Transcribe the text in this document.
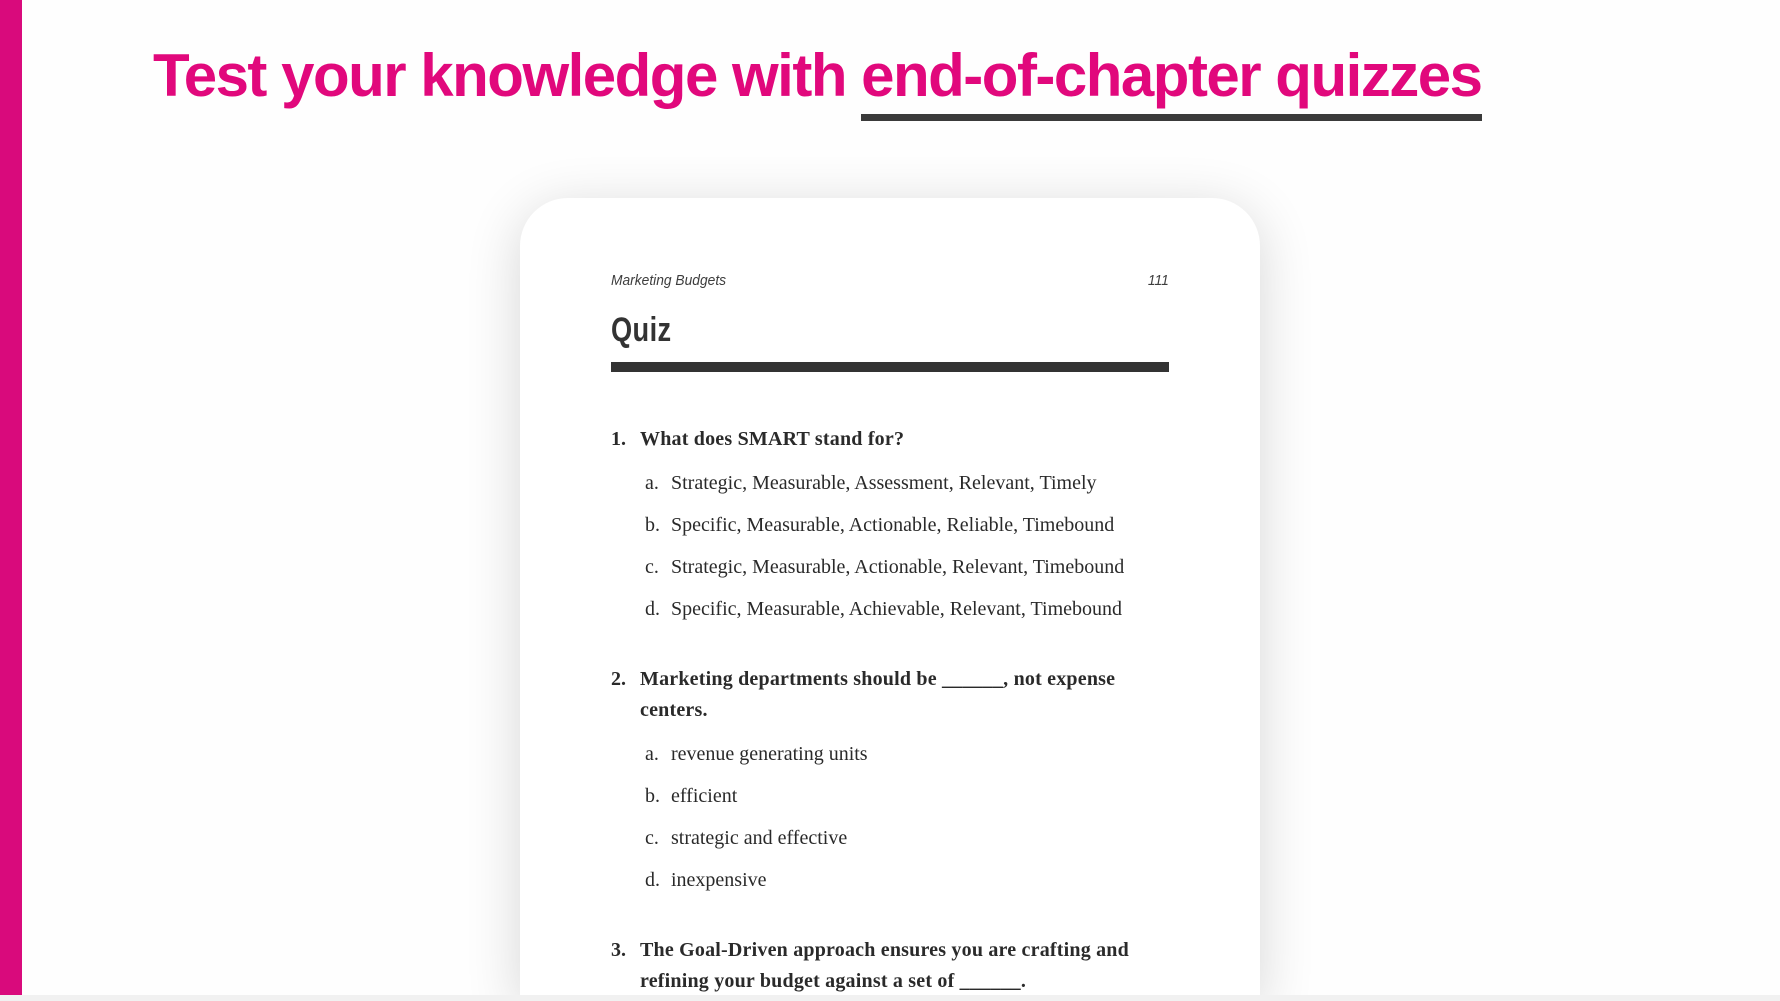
Test your knowledge with end-of-chapter quizzes
Marketing Budgets	111
Quiz
1. What does SMART stand for?
a. Strategic, Measurable, Assessment, Relevant, Timely
b. Specific, Measurable, Actionable, Reliable, Timebound
c. Strategic, Measurable, Actionable, Relevant, Timebound
d. Specific, Measurable, Achievable, Relevant, Timebound
2. Marketing departments should be ______, not expense
centers.
a. revenue generating units
b. efficient
c. strategic and effective
d. inexpensive
3. The Goal-Driven approach ensures you are crafting and
refining your budget against a set of ______.
